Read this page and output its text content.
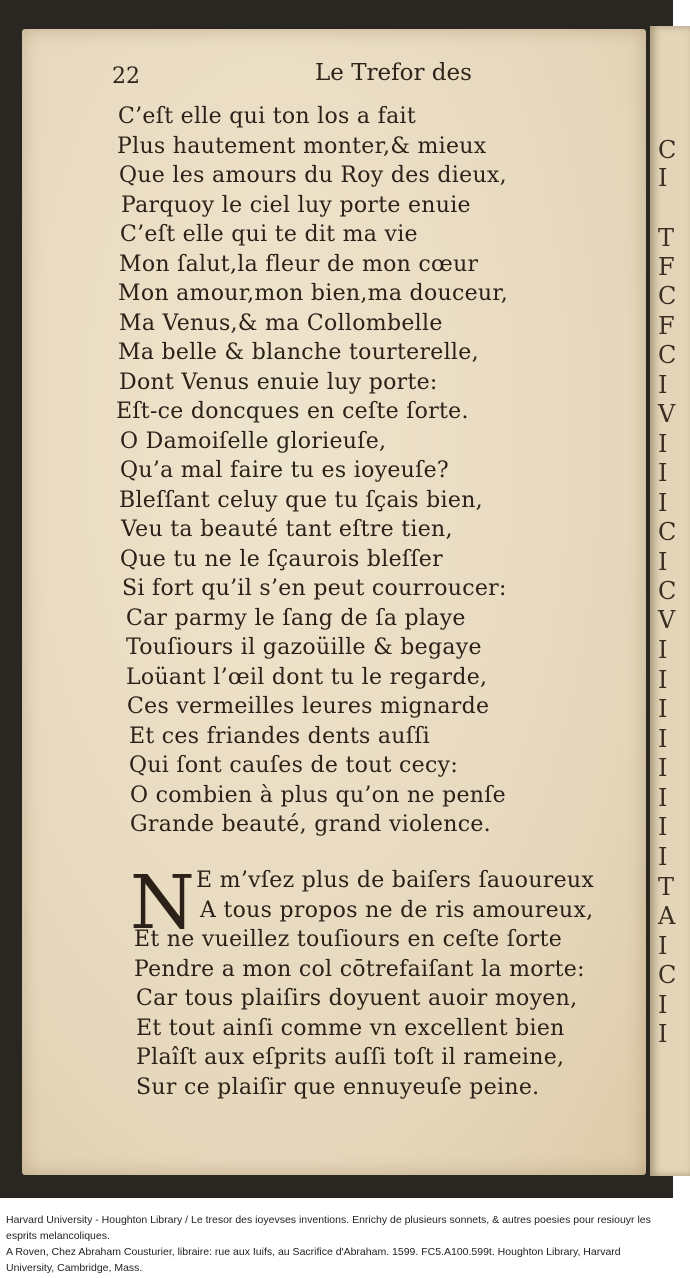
22	Le Trefor des
N
C’eſt elle qui ton los a fait
Plus hautement monter,& mieux
Que les amours du Roy des dieux,
Parquoy le ciel luy porte enuie
C’eſt elle qui te dit ma vie
Mon ſalut,la fleur de mon cœur
Mon amour,mon bien,ma douceur,
Ma Venus,& ma Collombelle
Ma belle & blanche tourterelle,
Dont Venus enuie luy porte:
Eſt-ce doncques en ceſte ſorte.
O Damoiſelle glorieuſe,
Qu’a mal faire tu es ioyeuſe?
Bleſſant celuy que tu ſçais bien,
Veu ta beauté tant eſtre tien,
Que tu ne le ſçaurois bleſſer
Si fort qu’il s’en peut courroucer:
Car parmy le ſang de ſa playe
Touſiours il gazoüille & begaye
Loüant l’œil dont tu le regarde,
Ces vermeilles leures mignarde
Et ces friandes dents auſſi
Qui ſont cauſes de tout cecy:
O combien à plus qu’on ne penſe
Grande beauté, grand violence.
E m’vſez plus de baiſers ſauoureux
A tous propos ne de ris amoureux,
Et ne vueillez touſiours en ceſte ſorte
Pendre a mon col cōtrefaiſant la morte:
Car tous plaiſirs doyuent auoir moyen,
Et tout ainſi comme vn excellent bien
Plaîſt aux eſprits auſſi toſt il rameine,
Sur ce plaiſir que ennuyeuſe peine.
C
I
T
F
C
F
C
I
V
I
I
I
C
I
C
V
I
I
I
I
I
I
I
I
T
A
I
C
I
I

Harvard University - Houghton Library / Le tresor des ioyevses inventions. Enrichy de plusieurs sonnets, & autres poesies pour resiouyr les esprits melancoliques.

A Roven, Chez Abraham Cousturier, libraire: rue aux Iuifs, au Sacrifice d'Abraham. 1599. FC5.A100.599t. Houghton Library, Harvard University, Cambridge, Mass.
